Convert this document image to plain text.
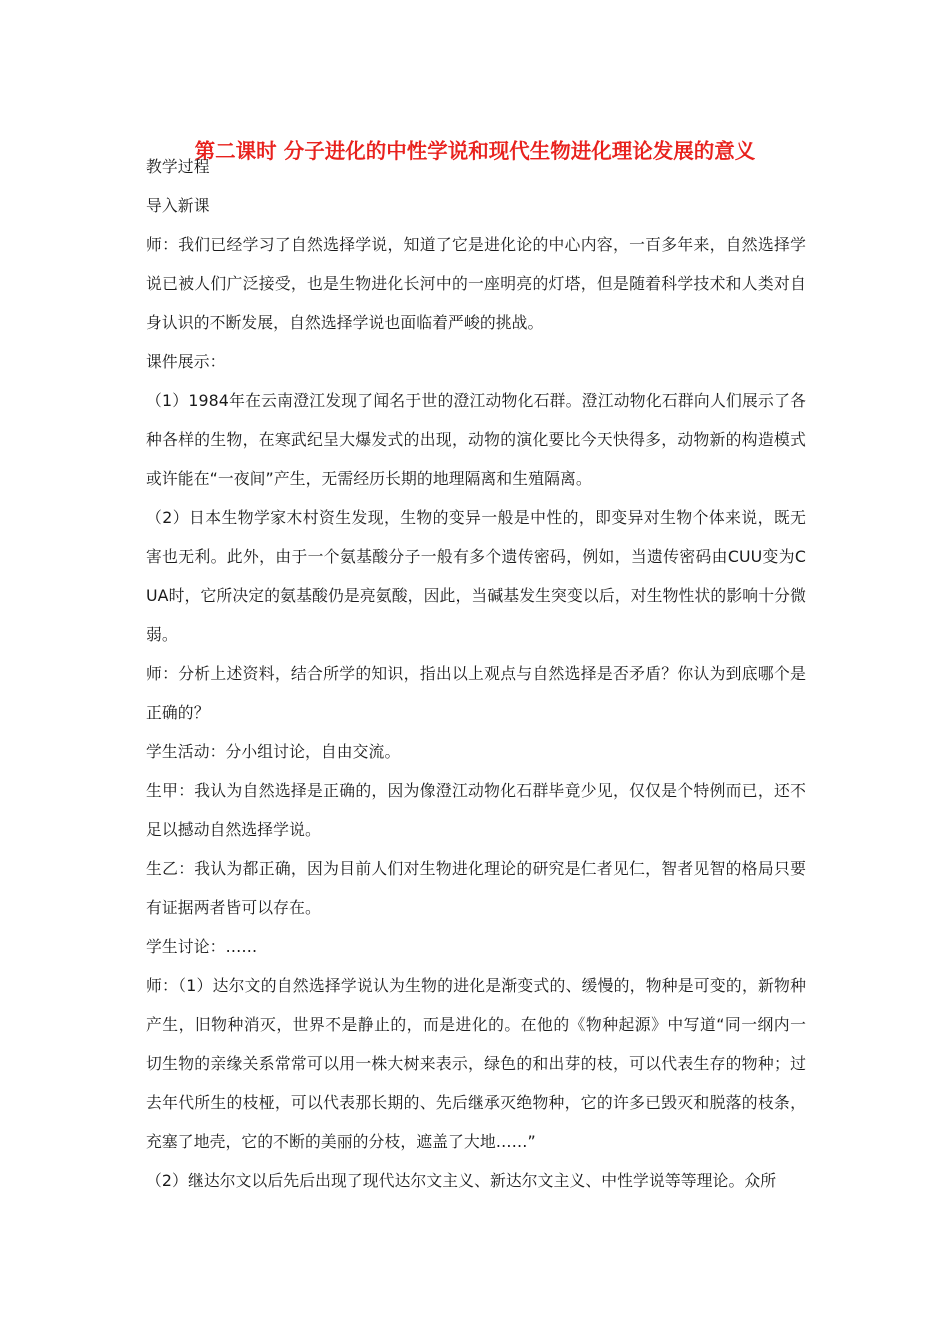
第二课时 分子进化的中性学说和现代生物进化理论发展的意义

教学过程

导入新课

师：我们已经学习了自然选择学说，知道了它是进化论的中心内容，一百多年来，自然选择学说已被人们广泛接受，也是生物进化长河中的一座明亮的灯塔，但是随着科学技术和人类对自身认识的不断发展，自然选择学说也面临着严峻的挑战。

课件展示：

（1）1984年在云南澄江发现了闻名于世的澄江动物化石群。澄江动物化石群向人们展示了各种各样的生物，在寒武纪呈大爆发式的出现，动物的演化要比今天快得多，动物新的构造模式或许能在“一夜间”产生，无需经历长期的地理隔离和生殖隔离。

（2）日本生物学家木村资生发现，生物的变异一般是中性的，即变异对生物个体来说，既无害也无利。此外，由于一个氨基酸分子一般有多个遗传密码，例如，当遗传密码由CUU变为CUA时，它所决定的氨基酸仍是亮氨酸，因此，当碱基发生突变以后，对生物性状的影响十分微弱。

师：分析上述资料，结合所学的知识，指出以上观点与自然选择是否矛盾？你认为到底哪个是正确的？

学生活动：分小组讨论，自由交流。

生甲：我认为自然选择是正确的，因为像澄江动物化石群毕竟少见，仅仅是个特例而已，还不足以撼动自然选择学说。

生乙：我认为都正确，因为目前人们对生物进化理论的研究是仁者见仁，智者见智的格局只要有证据两者皆可以存在。

学生讨论：……

师：（1）达尔文的自然选择学说认为生物的进化是渐变式的、缓慢的，物种是可变的，新物种产生，旧物种消灭，世界不是静止的，而是进化的。在他的《物种起源》中写道“同一纲内一切生物的亲缘关系常常可以用一株大树来表示，绿色的和出芽的枝，可以代表生存的物种；过去年代所生的枝桠，可以代表那长期的、先后继承灭绝物种，它的许多已毁灭和脱落的枝条，充塞了地壳，它的不断的美丽的分枝，遮盖了大地……”

（2）继达尔文以后先后出现了现代达尔文主义、新达尔文主义、中性学说等等理论。众所
